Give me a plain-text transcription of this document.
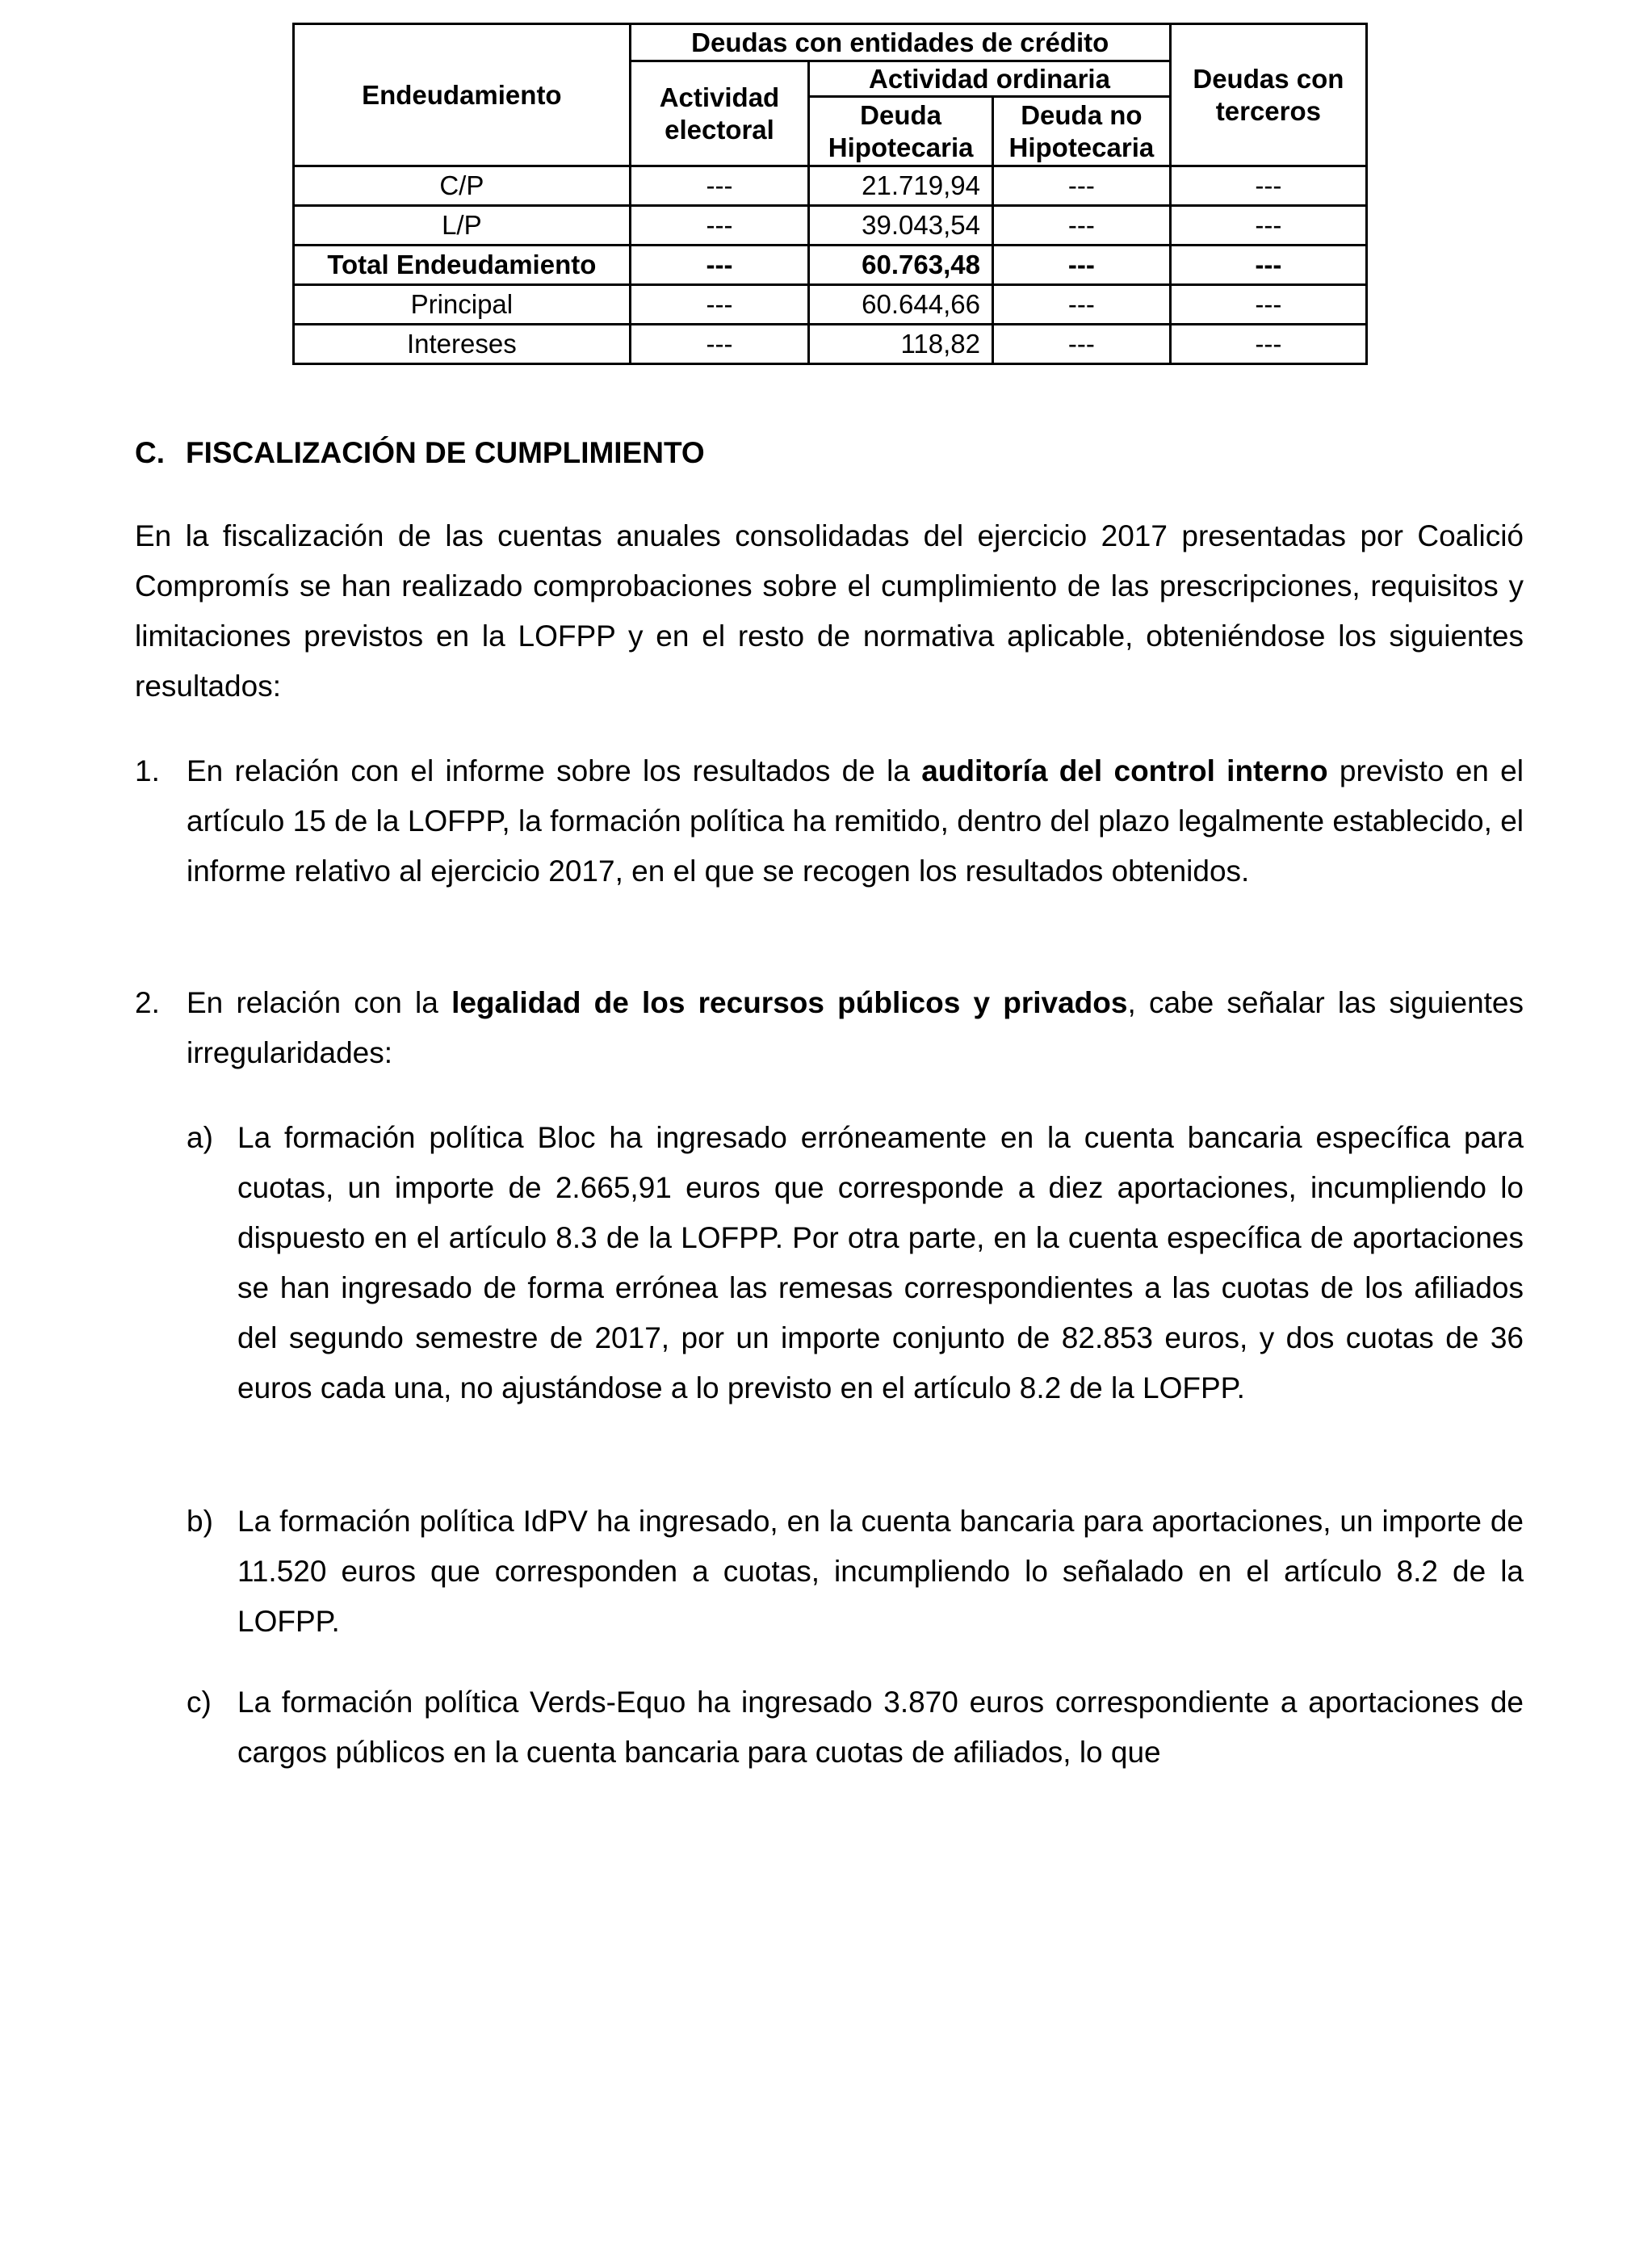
Endeudamiento	Deudas con entidades de crédito			Deudas con terceros
	Actividad electoral	Actividad ordinaria		
		Deuda Hipotecaria	Deuda no Hipotecaria	
C/P	---	21.719,94	---	---
L/P	---	39.043,54	---	---
Total Endeudamiento	---	60.763,48	---	---
Principal	---	60.644,66	---	---
Intereses	---	118,82	---	---
C. FISCALIZACIÓN DE CUMPLIMIENTO

En la fiscalización de las cuentas anuales consolidadas del ejercicio 2017 presentadas por Coalició Compromís se han realizado comprobaciones sobre el cumplimiento de las prescripciones, requisitos y limitaciones previstos en la LOFPP y en el resto de normativa aplicable, obteniéndose los siguientes resultados:

1. En relación con el informe sobre los resultados de la auditoría del control interno previsto en el artículo 15 de la LOFPP, la formación política ha remitido, dentro del plazo legalmente establecido, el informe relativo al ejercicio 2017, en el que se recogen los resultados obtenidos.
2. En relación con la legalidad de los recursos públicos y privados, cabe señalar las siguientes irregularidades:
a) La formación política Bloc ha ingresado erróneamente en la cuenta bancaria específica para cuotas, un importe de 2.665,91 euros que corresponde a diez aportaciones, incumpliendo lo dispuesto en el artículo 8.3 de la LOFPP. Por otra parte, en la cuenta específica de aportaciones se han ingresado de forma errónea las remesas correspondientes a las cuotas de los afiliados del segundo semestre de 2017, por un importe conjunto de 82.853 euros, y dos cuotas de 36 euros cada una, no ajustándose a lo previsto en el artículo 8.2 de la LOFPP.
b) La formación política IdPV ha ingresado, en la cuenta bancaria para aportaciones, un importe de 11.520 euros que corresponden a cuotas, incumpliendo lo señalado en el artículo 8.2 de la LOFPP.
c) La formación política Verds-Equo ha ingresado 3.870 euros correspondiente a aportaciones de cargos públicos en la cuenta bancaria para cuotas de afiliados, lo que
